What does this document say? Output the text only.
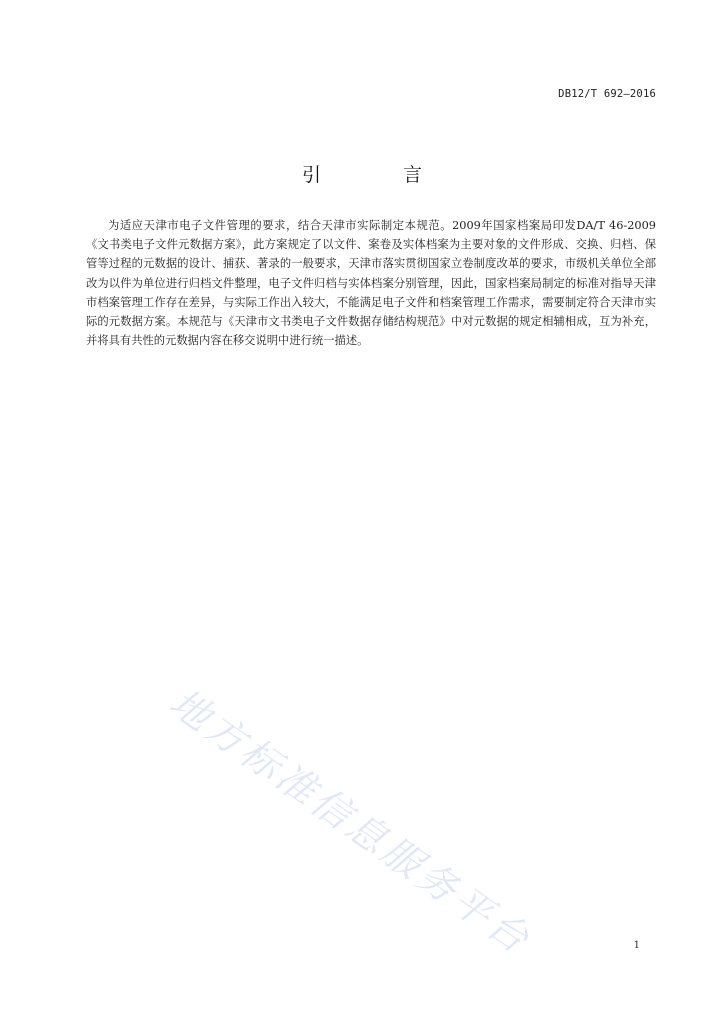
DB12/T 692—2016
引 言
为适应天津市电子文件管理的要求，结合天津市实际制定本规范。2009年国家档案局印发DA/T 46-2009《文书类电子文件元数据方案》，此方案规定了以文件、案卷及实体档案为主要对象的文件形成、交换、归档、保管等过程的元数据的设计、捕获、著录的一般要求，天津市落实贯彻国家立卷制度改革的要求，市级机关单位全部改为以件为单位进行归档文件整理，电子文件归档与实体档案分别管理，因此，国家档案局制定的标准对指导天津市档案管理工作存在差异，与实际工作出入较大，不能满足电子文件和档案管理工作需求，需要制定符合天津市实际的元数据方案。本规范与《天津市文书类电子文件数据存储结构规范》中对元数据的规定相辅相成，互为补充，并将具有共性的元数据内容在移交说明中进行统一描述。
地方标准信息服务平台	1
